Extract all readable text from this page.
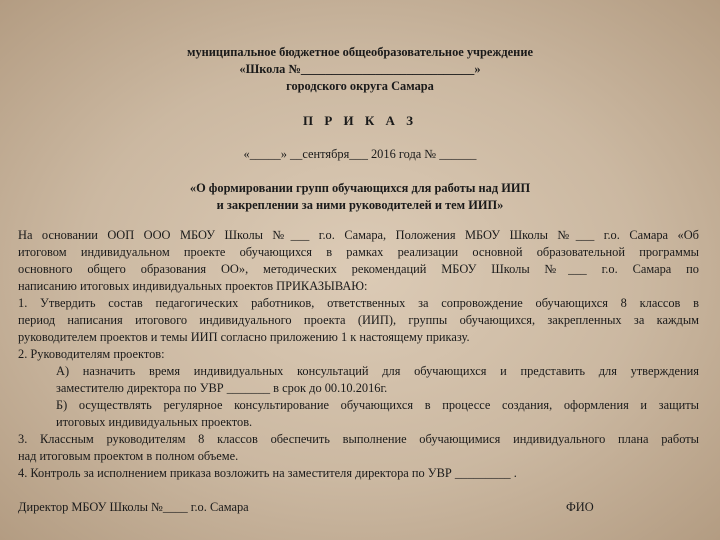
муниципальное бюджетное общеобразовательное учреждение
«Школа №____________________________»
городского округа Самара
П Р И К А З
«_____» __сентября___ 2016 года № ______
«О формировании групп обучающихся для работы над ИИП
и закреплении за ними руководителей и тем ИИП»
На основании ООП ООО МБОУ Школы №___ г.о. Самара, Положения МБОУ Школы №___ г.о. Самара «Об
итоговом индивидуальном проекте обучающихся в рамках реализации основной образовательной программы
основного общего образования ОО», методических рекомендаций МБОУ Школы №___ г.о. Самара по
написанию итоговых индивидуальных проектов ПРИКАЗЫВАЮ:
1. Утвердить состав педагогических работников, ответственных за сопровождение обучающихся 8 классов в
период написания итогового индивидуального проекта (ИИП), группы обучающихся, закрепленных за каждым
руководителем проектов и темы ИИП согласно приложению 1 к настоящему приказу.
2. Руководителям проектов:
А) назначить время индивидуальных консультаций для обучающихся и представить для утверждения
заместителю директора по УВР _______ в срок до 00.10.2016г.
Б) осуществлять регулярное консультирование обучающихся в процессе создания, оформления и защиты
итоговых индивидуальных проектов.
3. Классным руководителям 8 классов обеспечить выполнение обучающимися индивидуального плана работы
над итоговым проектом в полном объеме.
4. Контроль за исполнением приказа возложить на заместителя директора по УВР _________ .
Директор МБОУ Школы №____ г.о. Самара	ФИО
